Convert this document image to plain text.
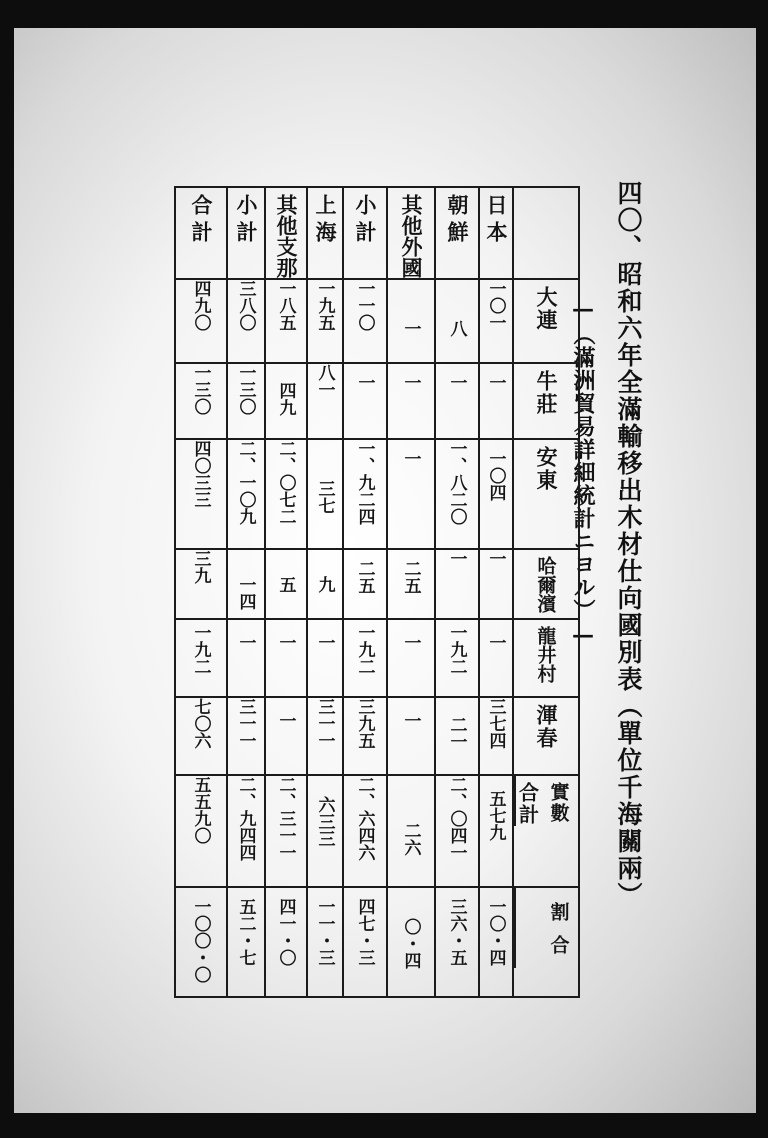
四〇、昭和六年全滿輸移出木材仕向國別表（單位千海關兩）
—（滿洲貿易詳細統計ニヨル）—

	日本	朝鮮	其他外國	小計	上海	其他支那	小計	合計

大連	一〇一	八	一	一一〇	一九五	一八五	三八〇	四九〇

牛莊	一	一	一	一	八一	四九	一三〇	一三〇

安東	一〇四	一、八二〇	一	一、九二四	三七	二、〇七二	二、一〇九	四〇三三

哈爾濱	一	一	二五	二五	九	五	一四	三九

龍井村	一	一九二	一	一九二	一	一	一	一九二

渾春	三七四	二一	一	三九五	三一一	一	三一一	七〇六

合計 實數	五七九	二、〇四一	二六	二、六四六	六三三	二、三一一	二、九四四	五五九〇

割合	一〇・四	三六・五	〇・四	四七・三	一一・三	四一・〇	五二・七	一〇〇・〇
